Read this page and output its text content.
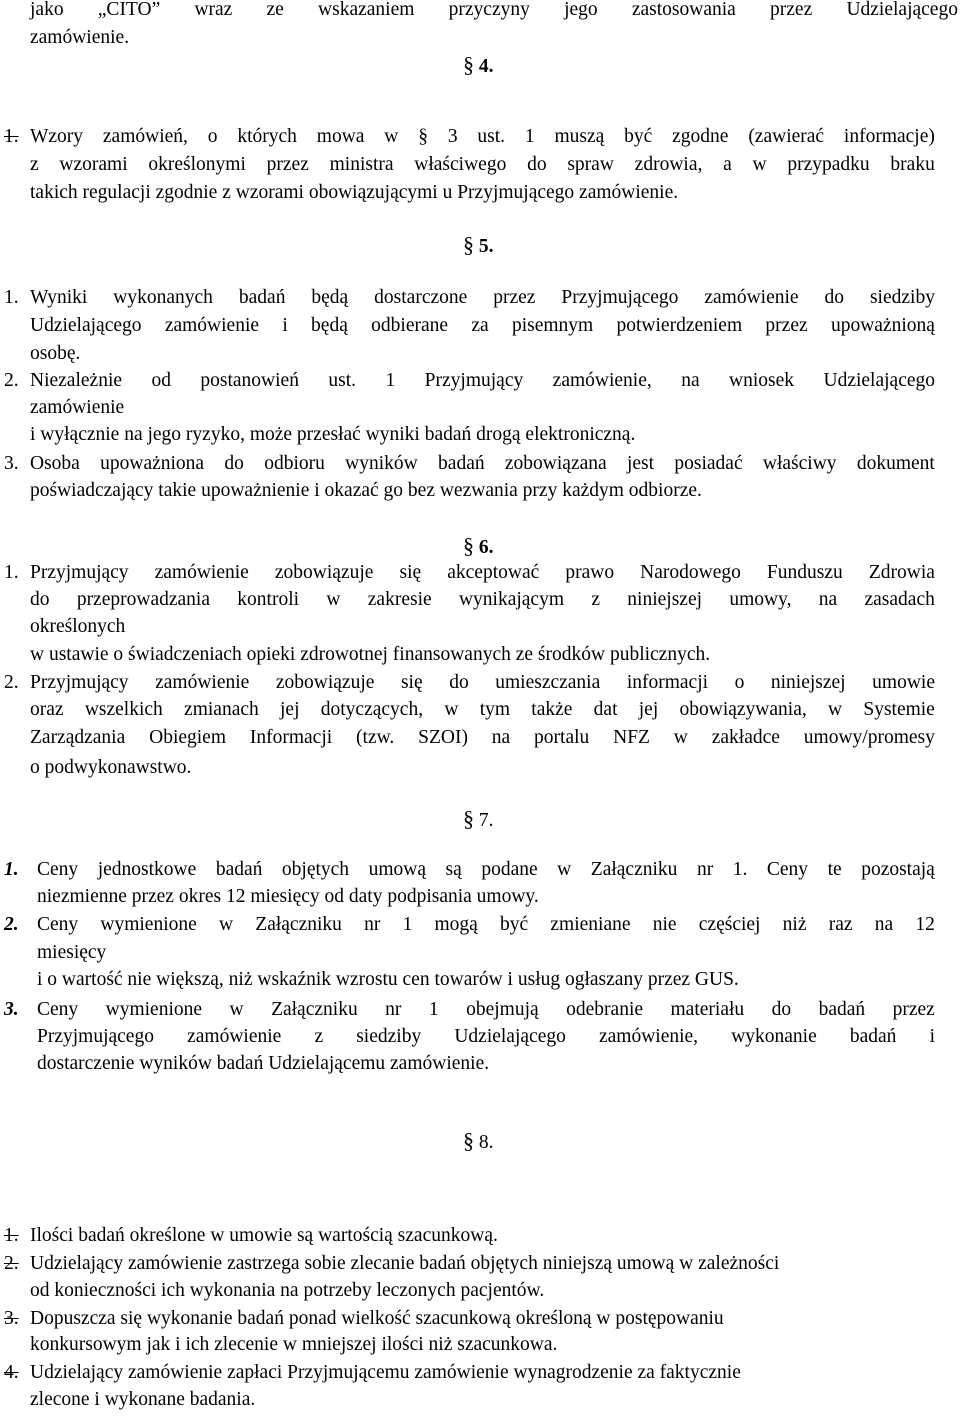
jako „CITO” wraz ze wskazaniem przyczyny jego zastosowania przez Udzielającego
zamówienie.
§ 4.
1. Wzory zamówień, o których mowa w § 3 ust. 1 muszą być zgodne (zawierać informacje)
z wzorami określonymi przez ministra właściwego do spraw zdrowia, a w przypadku braku
takich regulacji zgodnie z wzorami obowiązującymi u Przyjmującego zamówienie.
§ 5.
1. Wyniki wykonanych badań będą dostarczone przez Przyjmującego zamówienie do siedziby
Udzielającego zamówienie i będą odbierane za pisemnym potwierdzeniem przez upoważnioną
osobę.
2. Niezależnie od postanowień ust. 1 Przyjmujący zamówienie, na wniosek Udzielającego
zamówienie
i wyłącznie na jego ryzyko, może przesłać wyniki badań drogą elektroniczną.
3. Osoba upoważniona do odbioru wyników badań zobowiązana jest posiadać właściwy dokument
poświadczający takie upoważnienie i okazać go bez wezwania przy każdym odbiorze.
§ 6.
1. Przyjmujący zamówienie zobowiązuje się akceptować prawo Narodowego Funduszu Zdrowia
do przeprowadzania kontroli w zakresie wynikającym z niniejszej umowy, na zasadach
określonych
w ustawie o świadczeniach opieki zdrowotnej finansowanych ze środków publicznych.
2. Przyjmujący zamówienie zobowiązuje się do umieszczania informacji o niniejszej umowie
oraz wszelkich zmianach jej dotyczących, w tym także dat jej obowiązywania, w Systemie
Zarządzania Obiegiem Informacji (tzw. SZOI) na portalu NFZ w zakładce umowy/promesy
o podwykonawstwo.
§ 7.
1. Ceny jednostkowe badań objętych umową są podane w Załączniku nr 1. Ceny te pozostają
niezmienne przez okres 12 miesięcy od daty podpisania umowy.
2. Ceny wymienione w Załączniku nr 1 mogą być zmieniane nie częściej niż raz na 12
miesięcy
i o wartość nie większą, niż wskaźnik wzrostu cen towarów i usług ogłaszany przez GUS.
3. Ceny wymienione w Załączniku nr 1 obejmują odebranie materiału do badań przez
Przyjmującego zamówienie z siedziby Udzielającego zamówienie, wykonanie badań i
dostarczenie wyników badań Udzielającemu zamówienie.
§ 8.
1. Ilości badań określone w umowie są wartością szacunkową.
2. Udzielający zamówienie zastrzega sobie zlecanie badań objętych niniejszą umową w zależności
od konieczności ich wykonania na potrzeby leczonych pacjentów.
3. Dopuszcza się wykonanie badań ponad wielkość szacunkową określoną w postępowaniu
konkursowym jak i ich zlecenie w mniejszej ilości niż szacunkowa.
4. Udzielający zamówienie zapłaci Przyjmującemu zamówienie wynagrodzenie za faktycznie
zlecone i wykonane badania.
